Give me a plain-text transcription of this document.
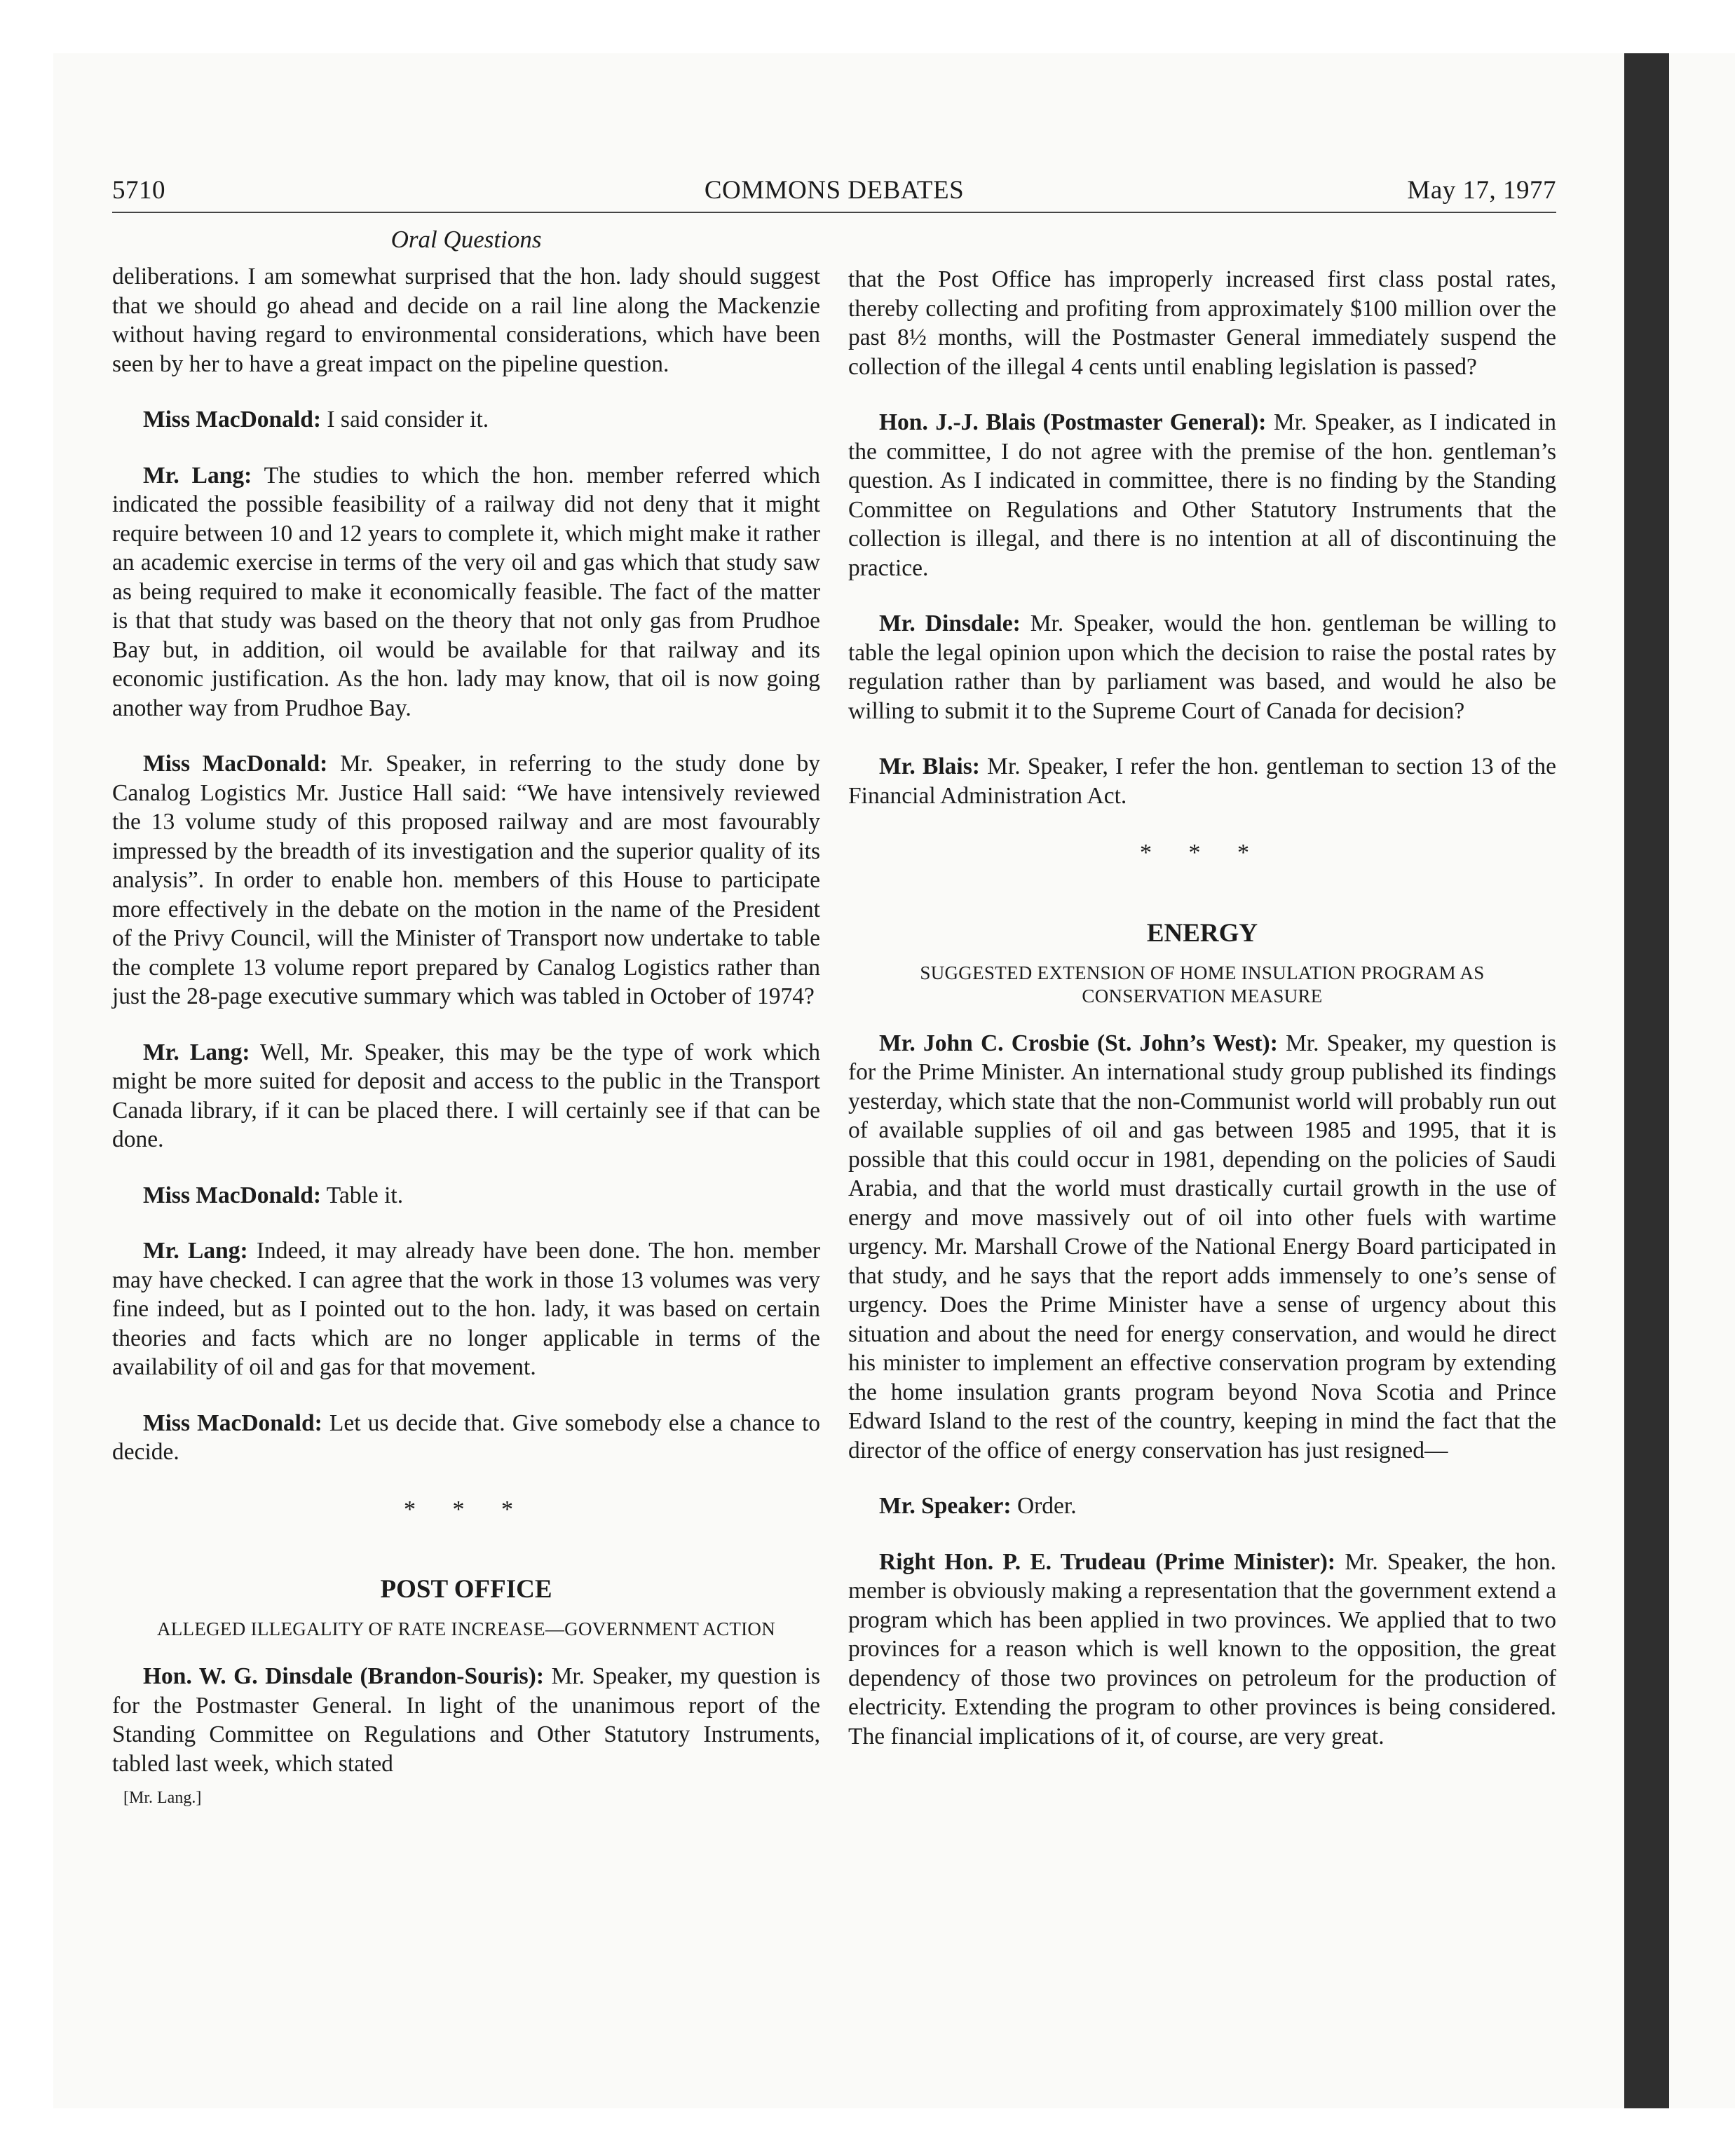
5710	COMMONS DEBATES	May 17, 1977
Oral Questions

deliberations. I am somewhat surprised that the hon. lady should suggest that we should go ahead and decide on a rail line along the Mackenzie without having regard to environmental considerations, which have been seen by her to have a great impact on the pipeline question.

Miss MacDonald: I said consider it.

Mr. Lang: The studies to which the hon. member referred which indicated the possible feasibility of a railway did not deny that it might require between 10 and 12 years to complete it, which might make it rather an academic exercise in terms of the very oil and gas which that study saw as being required to make it economically feasible. The fact of the matter is that that study was based on the theory that not only gas from Prudhoe Bay but, in addition, oil would be available for that railway and its economic justification. As the hon. lady may know, that oil is now going another way from Prudhoe Bay.

Miss MacDonald: Mr. Speaker, in referring to the study done by Canalog Logistics Mr. Justice Hall said: “We have intensively reviewed the 13 volume study of this proposed railway and are most favourably impressed by the breadth of its investigation and the superior quality of its analysis”. In order to enable hon. members of this House to participate more effectively in the debate on the motion in the name of the President of the Privy Council, will the Minister of Transport now undertake to table the complete 13 volume report prepared by Canalog Logistics rather than just the 28-page executive summary which was tabled in October of 1974?

Mr. Lang: Well, Mr. Speaker, this may be the type of work which might be more suited for deposit and access to the public in the Transport Canada library, if it can be placed there. I will certainly see if that can be done.

Miss MacDonald: Table it.

Mr. Lang: Indeed, it may already have been done. The hon. member may have checked. I can agree that the work in those 13 volumes was very fine indeed, but as I pointed out to the hon. lady, it was based on certain theories and facts which are no longer applicable in terms of the availability of oil and gas for that movement.

Miss MacDonald: Let us decide that. Give somebody else a chance to decide.

* * *
POST OFFICE
ALLEGED ILLEGALITY OF RATE INCREASE—GOVERNMENT ACTION

Hon. W. G. Dinsdale (Brandon-Souris): Mr. Speaker, my question is for the Postmaster General. In light of the unanimous report of the Standing Committee on Regulations and Other Statutory Instruments, tabled last week, which stated

[Mr. Lang.]

that the Post Office has improperly increased first class postal rates, thereby collecting and profiting from approximately $100 million over the past 8½ months, will the Postmaster General immediately suspend the collection of the illegal 4 cents until enabling legislation is passed?

Hon. J.-J. Blais (Postmaster General): Mr. Speaker, as I indicated in the committee, I do not agree with the premise of the hon. gentleman’s question. As I indicated in committee, there is no finding by the Standing Committee on Regulations and Other Statutory Instruments that the collection is illegal, and there is no intention at all of discontinuing the practice.

Mr. Dinsdale: Mr. Speaker, would the hon. gentleman be willing to table the legal opinion upon which the decision to raise the postal rates by regulation rather than by parliament was based, and would he also be willing to submit it to the Supreme Court of Canada for decision?

Mr. Blais: Mr. Speaker, I refer the hon. gentleman to section 13 of the Financial Administration Act.

* * *
ENERGY
SUGGESTED EXTENSION OF HOME INSULATION PROGRAM AS CONSERVATION MEASURE

Mr. John C. Crosbie (St. John’s West): Mr. Speaker, my question is for the Prime Minister. An international study group published its findings yesterday, which state that the non-Communist world will probably run out of available supplies of oil and gas between 1985 and 1995, that it is possible that this could occur in 1981, depending on the policies of Saudi Arabia, and that the world must drastically curtail growth in the use of energy and move massively out of oil into other fuels with wartime urgency. Mr. Marshall Crowe of the National Energy Board participated in that study, and he says that the report adds immensely to one’s sense of urgency. Does the Prime Minister have a sense of urgency about this situation and about the need for energy conservation, and would he direct his minister to implement an effective conservation program by extending the home insulation grants program beyond Nova Scotia and Prince Edward Island to the rest of the country, keeping in mind the fact that the director of the office of energy conservation has just resigned—

Mr. Speaker: Order.

Right Hon. P. E. Trudeau (Prime Minister): Mr. Speaker, the hon. member is obviously making a representation that the government extend a program which has been applied in two provinces. We applied that to two provinces for a reason which is well known to the opposition, the great dependency of those two provinces on petroleum for the production of electricity. Extending the program to other provinces is being considered. The financial implications of it, of course, are very great.
